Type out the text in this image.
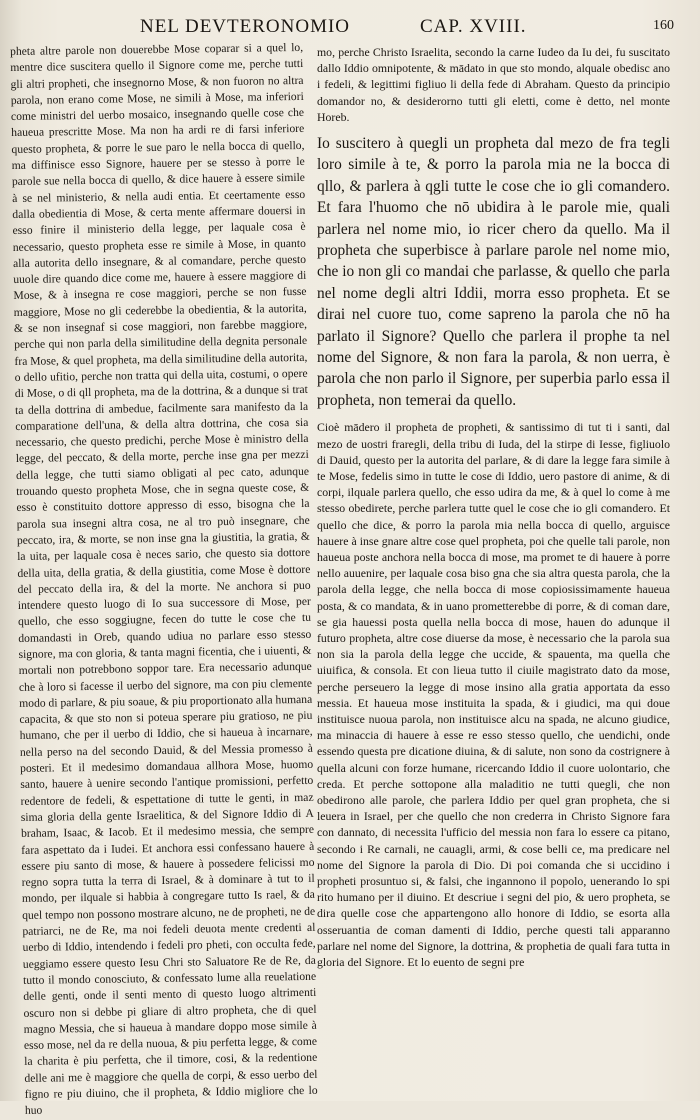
NEL DEVTERONOMIO	CAP. XVIII.	160

pheta altre parole non douerebbe Mose coparar si a quel lo, mentre dice suscitera quello il Signore come me, perche tutti gli altri propheti, che insegnorno Mose, & non fuoron no altra parola, non erano come Mose, ne simili à Mose, ma inferiori come ministri del uerbo mosaico, insegnando quelle cose che haueua prescritte Mose. Ma non ha ardi re di farsi inferiore questo propheta, & porre le sue paro le nella bocca di quello, ma diffinisce esso Signore, hauere per se stesso à porre le parole sue nella bocca di quello, & dice hauere à essere simile à se nel ministerio, & nella audi entia. Et ceertamente esso dalla obedientia di Mose, & certa mente affermare douersi in esso finire il ministerio della legge, per laquale cosa è necessario, questo propheta esse re simile à Mose, in quanto alla autorita dello insegnare, & al comandare, perche questo uuole dire quando dice come me, hauere à essere maggiore di Mose, & à insegna re cose maggiori, perche se non fusse maggiore, Mose no gli cederebbe la obedientia, & la autorita, & se non insegnaf si cose maggiori, non farebbe maggiore, perche qui non parla della similitudine della degnita personale fra Mose, & quel propheta, ma della similitudine della autorita, o dello ufitio, perche non tratta qui della uita, costumi, o opere di Mose, o di qll propheta, ma de la dottrina, & a dunque si trat ta della dottrina di ambedue, facilmente sara manifesto da la comparatione dell'una, & della altra dottrina, che cosa sia necessario, che questo predichi, perche Mose è ministro della legge, del peccato, & della morte, perche inse gna per mezzi della legge, che tutti siamo obligati al pec cato, adunque trouando questo propheta Mose, che in segna queste cose, & esso è constituito dottore appresso di esso, bisogna che la parola sua insegni altra cosa, ne al tro può insegnare, che peccato, ira, & morte, se non inse gna la giustitia, la gratia, & la uita, per laquale cosa è neces sario, che questo sia dottore della uita, della gratia, & della giustitia, come Mose è dottore del peccato della ira, & del la morte. Ne anchora si puo intendere questo luogo di Io sua successore di Mose, per quello, che esso soggiugne, fecen do tutte le cose che tu domandasti in Oreb, quando udiua no parlare esso stesso signore, ma con gloria, & tanta magni ficentia, che i uiuenti, & mortali non potrebbono soppor tare. Era necessario adunque che à loro si facesse il uerbo del signore, ma con piu clemente modo di parlare, & piu soaue, & piu proportionato alla humana capacita, & que sto non si poteua sperare piu gratioso, ne piu humano, che per il uerbo di Iddio, che si haueua à incarnare, nella perso na del secondo Dauid, & del Messia promesso à posteri. Et il medesimo domandaua allhora Mose, huomo santo, hauere à uenire secondo l'antique promissioni, perfetto redentore de fedeli, & espettatione di tutte le genti, in maz sima gloria della gente Israelitica, & del Signore Iddio di A braham, Isaac, & Iacob. Et il medesimo messia, che sempre fara aspettato da i Iudei. Et anchora essi confessano hauere à essere piu santo di mose, & hauere à possedere felicissi mo regno sopra tutta la terra di Israel, & à dominare à tut to il mondo, per ilquale si habbia à congregare tutto Is rael, & da quel tempo non possono mostrare alcuno, ne de propheti, ne de patriarci, ne de Re, ma noi fedeli deuota mente credenti al uerbo di Iddio, intendendo i fedeli pro pheti, con occulta fede, ueggiamo essere questo Iesu Chri sto Saluatore Re de Re, da tutto il mondo conosciuto, & confessato lume alla reuelatione delle genti, onde il senti mento di questo luogo altrimenti oscuro non si debbe pi gliare di altro propheta, che di quel magno Messia, che si haueua à mandare doppo mose simile à esso mose, nel da re della nuoua, & piu perfetta legge, & come la charita è piu perfetta, che il timore, cosi, & la redentione delle ani me è maggiore che quella de corpi, & esso uerbo del figno re piu diuino, che il propheta, & Iddio migliore che lo huo

mo, perche Christo Israelita, secondo la carne Iudeo da Iu dei, fu suscitato dallo Iddio omnipotente, & mādato in que sto mondo, alquale obedisc ano i fedeli, & legittimi figliuo li della fede di Abraham. Questo da principio domandor no, & desiderorno tutti gli eletti, come è detto, nel monte Horeb.

Io suscitero à quegli un propheta dal mezo de fra tegli loro simile à te, & porro la parola mia ne la bocca di qllo, & parlera à qgli tutte le cose che io gli comandero. Et fara l'huomo che nō ubidira à le parole mie, quali parlera nel nome mio, io ricer chero da quello. Ma il propheta che superbisce à parlare parole nel nome mio, che io non gli co mandai che parlasse, & quello che parla nel nome degli altri Iddii, morra esso propheta. Et se dirai nel cuore tuo, come sapreno la parola che nō ha parlato il Signore? Quello che parlera il prophe ta nel nome del Signore, & non fara la parola, & non uerra, è parola che non parlo il Signore, per superbia parlo essa il propheta, non temerai da quello.

Cioè mādero il propheta de propheti, & santissimo di tut ti i santi, dal mezo de uostri fraregli, della tribu di Iuda, del la stirpe di Iesse, figliuolo di Dauid, questo per la autorita del parlare, & di dare la legge fara simile à te Mose, fedelis simo in tutte le cose di Iddio, uero pastore di anime, & di corpi, ilquale parlera quello, che esso udira da me, & à quel lo come à me stesso obedirete, perche parlera tutte quel le cose che io gli comandero. Et quello che dice, & porro la parola mia nella bocca di quello, arguisce hauere à inse gnare altre cose quel propheta, poi che quelle tali parole, non haueua poste anchora nella bocca di mose, ma promet te di hauere à porre nello auuenire, per laquale cosa biso gna che sia altra questa parola, che la parola della legge, che nella bocca di mose copiosissimamente haueua posta, & co mandata, & in uano prometterebbe di porre, & di coman dare, se gia hauessi posta quella nella bocca di mose, hauen do adunque il futuro propheta, altre cose diuerse da mose, è necessario che la parola sua non sia la parola della legge che uccide, & spauenta, ma quella che uiuifica, & consola. Et con lieua tutto il ciuile magistrato dato da mose, perche perseuero la legge di mose insino alla gratia apportata da esso messia. Et haueua mose instituita la spada, & i giudici, ma qui doue instituisce nuoua parola, non instituisce alcu na spada, ne alcuno giudice, ma minaccia di hauere à esse re esso stesso quello, che uendichi, onde essendo questa pre dicatione diuina, & di salute, non sono da costrignere à quella alcuni con forze humane, ricercando Iddio il cuore uolontario, che creda. Et perche sottopone alla maladitio ne tutti quegli, che non obedirono alle parole, che parlera Iddio per quel gran propheta, che si leuera in Israel, per che quello che non crederra in Christo Signore fara con dannato, di necessita l'ufficio del messia non fara lo essere ca pitano, secondo i Re carnali, ne cauagli, armi, & cose belli ce, ma predicare nel nome del Signore la parola di Dio. Di poi comanda che si uccidino i propheti prosuntuo si, & falsi, che ingannono il popolo, uenerando lo spi rito humano per il diuino. Et descriue i segni del pio, & uero propheta, se dira quelle cose che appartengono allo honore di Iddio, se esorta alla osseruantia de coman damenti di Iddio, perche questi tali apparanno parlare nel nome del Signore, la dottrina, & prophetia de quali fara tutta in gloria del Signore. Et lo euento de segni pre
